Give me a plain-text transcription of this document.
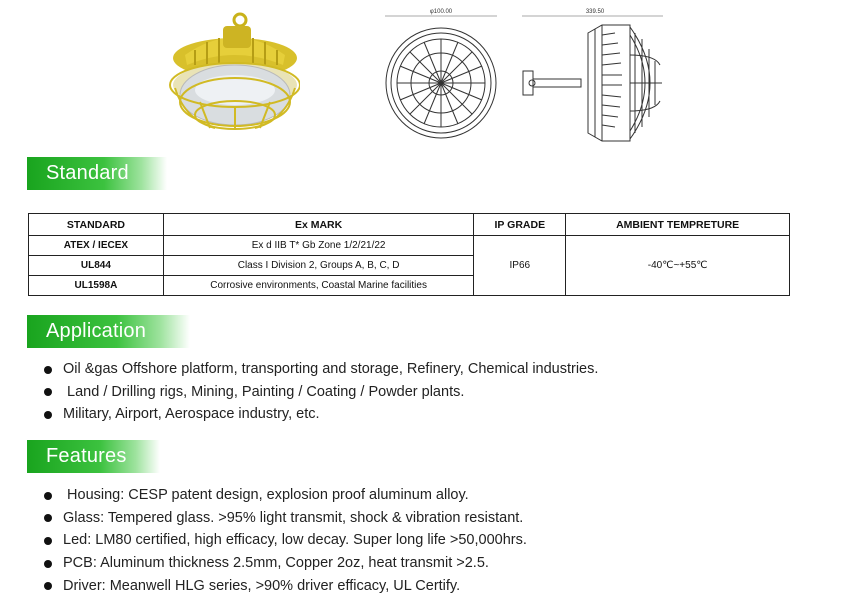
φ100.00	339.50
Standard
STANDARD	Ex MARK	IP GRADE	AMBIENT TEMPRETURE
ATEX / IECEX	Ex d IIB T* Gb Zone 1/2/21/22	IP66	-40℃~+55℃
UL844	Class I Division 2, Groups A, B, C, D		
UL1598A	Corrosive environments, Coastal Marine facilities		
Application
Oil &gas Offshore platform, transporting and storage, Refinery, Chemical industries.
Land / Drilling rigs, Mining, Painting / Coating / Powder plants.
Military, Airport, Aerospace industry, etc.
Features
Housing: CESP patent design, explosion proof aluminum alloy.
Glass: Tempered glass. >95% light transmit, shock & vibration resistant.
Led: LM80 certified, high efficacy, low decay. Super long life >50,000hrs.
PCB: Aluminum thickness 2.5mm, Copper 2oz, heat transmit >2.5.
Driver: Meanwell HLG series, >90% driver efficacy, UL Certify.
